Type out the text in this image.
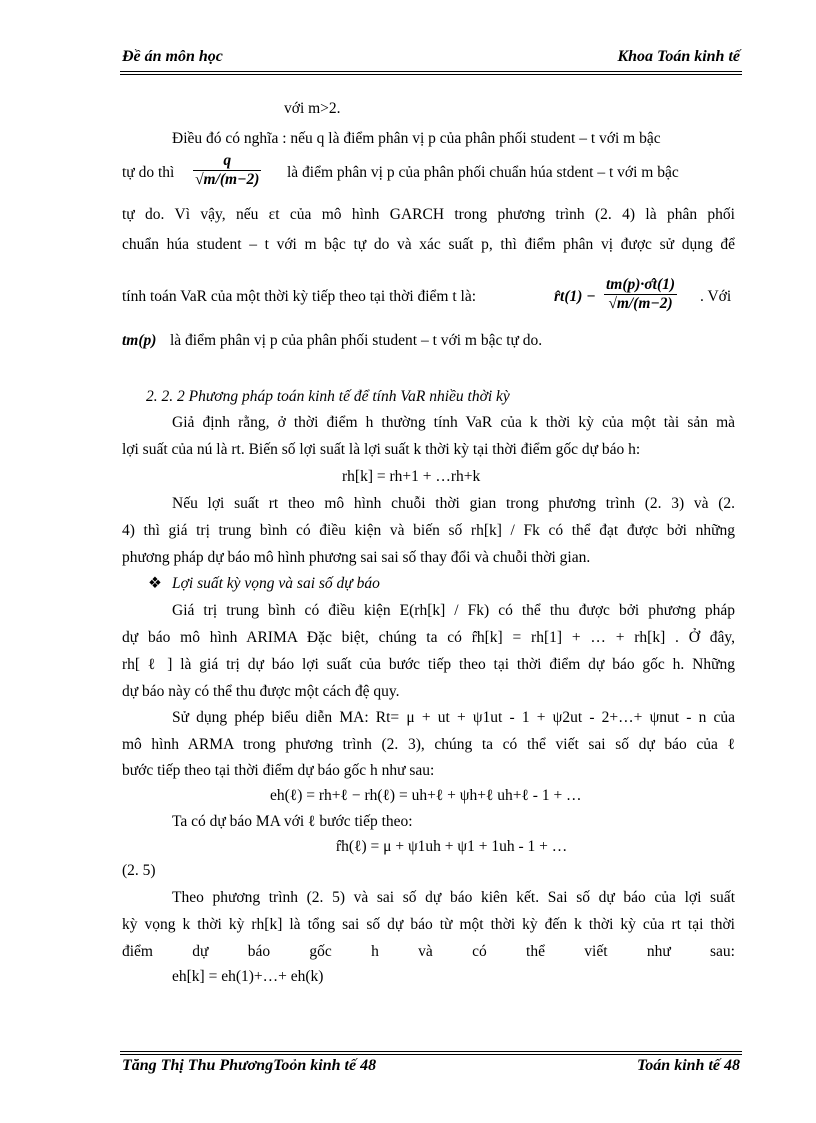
Đề án môn học	Khoa Toán kinh tế
với m>2.
Điều đó có nghĩa : nếu q là điểm phân vị p của phân phối student – t với m bậc
tự do thì $\frac{q}{√m/(m-2)}$ là điểm phân vị p của phân phối chuẩn húa stdent – t với m bậc
tự do. Vì vậy, nếu εt của mô hình GARCH trong phương trình (2. 4) là phân phối
chuẩn húa student – t với m bậc tự do và xác suất p, thì điểm phân vị được sử dụng để
tính toán VaR của một thời kỳ tiếp theo tại thời điểm t là:	r̂t(1) − $\frac{tm(p)\cdot\sigmât(1)}{√m/(m-2)}$ . Với
tm(p) là điểm phân vị p của phân phối student – t với m bậc tự do.
2. 2. 2 Phương pháp toán kinh tế để tính VaR nhiều thời kỳ
Giả định rằng, ở thời điểm h thường tính VaR của k thời kỳ của một tài sản mà
lợi suất của nú là rt. Biến số lợi suất là lợi suất k thời kỳ tại thời điểm gốc dự báo h:
rh[k] = rh+1 + …rh+k
Nếu lợi suất rt theo mô hình chuỗi thời gian trong phương trình (2. 3) và (2.
4) thì giá trị trung bình có điều kiện và biến số rh[k] / Fk có thể đạt được bởi những
phương pháp dự báo mô hình phương sai sai số thay đổi và chuỗi thời gian.
❖ Lợi suất kỳ vọng và sai số dự báo
Giá trị trung bình có điều kiện E(rh[k] / Fk) có thể thu được bởi phương pháp
dự báo mô hình ARIMA Đặc biệt, chúng ta có r̂h[k] = rh[1] + … + rh[k] . Ở đây,
rh[ ℓ ] là giá trị dự báo lợi suất của bước tiếp theo tại thời điểm dự báo gốc h. Những
dự báo này có thể thu được một cách đệ quy.
Sử dụng phép biểu diễn MA: Rt= μ + ut + ψ1ut - 1 + ψ2ut - 2+…+ ψnut - n của
mô hình ARMA trong phương trình (2. 3), chúng ta có thể viết sai số dự báo của ℓ
bước tiếp theo tại thời điểm dự báo gốc h như sau:
eh(ℓ) = rh+ℓ − rh(ℓ) = uh+ℓ + ψh+ℓ uh+ℓ - 1 + …
Ta có dự báo MA với ℓ bước tiếp theo:
r̂h(ℓ) = μ + ψ1uh + ψ1 + 1uh - 1 + …
(2. 5)
Theo phương trình (2. 5) và sai số dự báo kiên kết. Sai số dự báo của lợi suất
kỳ vọng k thời kỳ rh[k] là tổng sai số dự báo từ một thời kỳ đến k thời kỳ của rt tại thời
điểm dự báo gốc h và có thể viết như sau:
eh[k] = eh(1)+…+ eh(k)
Tăng Thị Thu PhươngToỏn kinh tế 48	Toán kinh tế 48
